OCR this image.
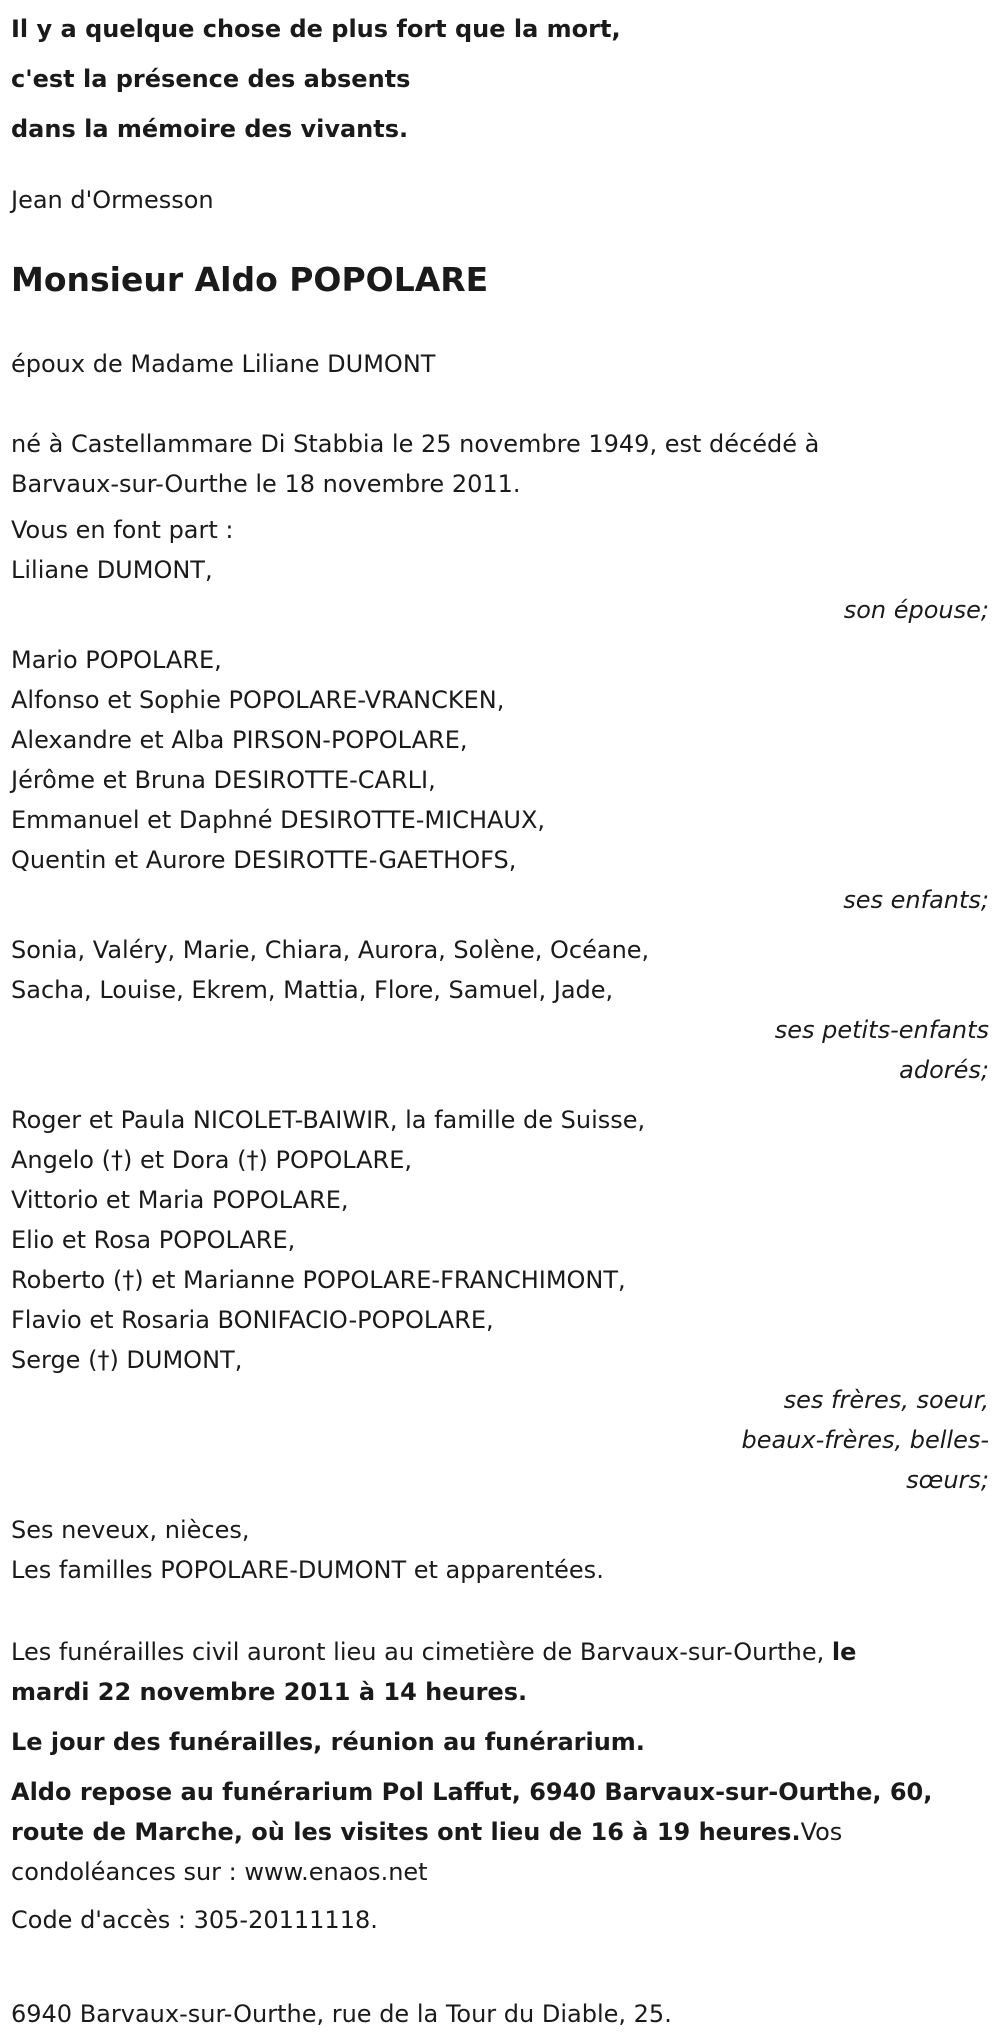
Il y a quelque chose de plus fort que la mort,
c'est la présence des absents
dans la mémoire des vivants.
Jean d'Ormesson
Monsieur Aldo POPOLARE
époux de Madame Liliane DUMONT
né à Castellammare Di Stabbia le 25 novembre 1949, est décédé à
Barvaux-sur-Ourthe le 18 novembre 2011.
Vous en font part :
Liliane DUMONT,
son épouse;
Mario POPOLARE,
Alfonso et Sophie POPOLARE-VRANCKEN,
Alexandre et Alba PIRSON-POPOLARE,
Jérôme et Bruna DESIROTTE-CARLI,
Emmanuel et Daphné DESIROTTE-MICHAUX,
Quentin et Aurore DESIROTTE-GAETHOFS,
ses enfants;
Sonia, Valéry, Marie, Chiara, Aurora, Solène, Océane,
Sacha, Louise, Ekrem, Mattia, Flore, Samuel, Jade,
ses petits-enfants
adorés;
Roger et Paula NICOLET-BAIWIR, la famille de Suisse,
Angelo (†) et Dora (†) POPOLARE,
Vittorio et Maria POPOLARE,
Elio et Rosa POPOLARE,
Roberto (†) et Marianne POPOLARE-FRANCHIMONT,
Flavio et Rosaria BONIFACIO-POPOLARE,
Serge (†) DUMONT,
ses frères, soeur,
beaux-frères, belles-
sœurs;
Ses neveux, nièces,
Les familles POPOLARE-DUMONT et apparentées.
Les funérailles civil auront lieu au cimetière de Barvaux-sur-Ourthe, le
mardi 22 novembre 2011 à 14 heures.
Le jour des funérailles, réunion au funérarium.
Aldo repose au funérarium Pol Laffut, 6940 Barvaux-sur-Ourthe, 60,
route de Marche, où les visites ont lieu de 16 à 19 heures.Vos
condoléances sur : www.enaos.net
Code d'accès : 305-20111118.
6940 Barvaux-sur-Ourthe, rue de la Tour du Diable, 25.
